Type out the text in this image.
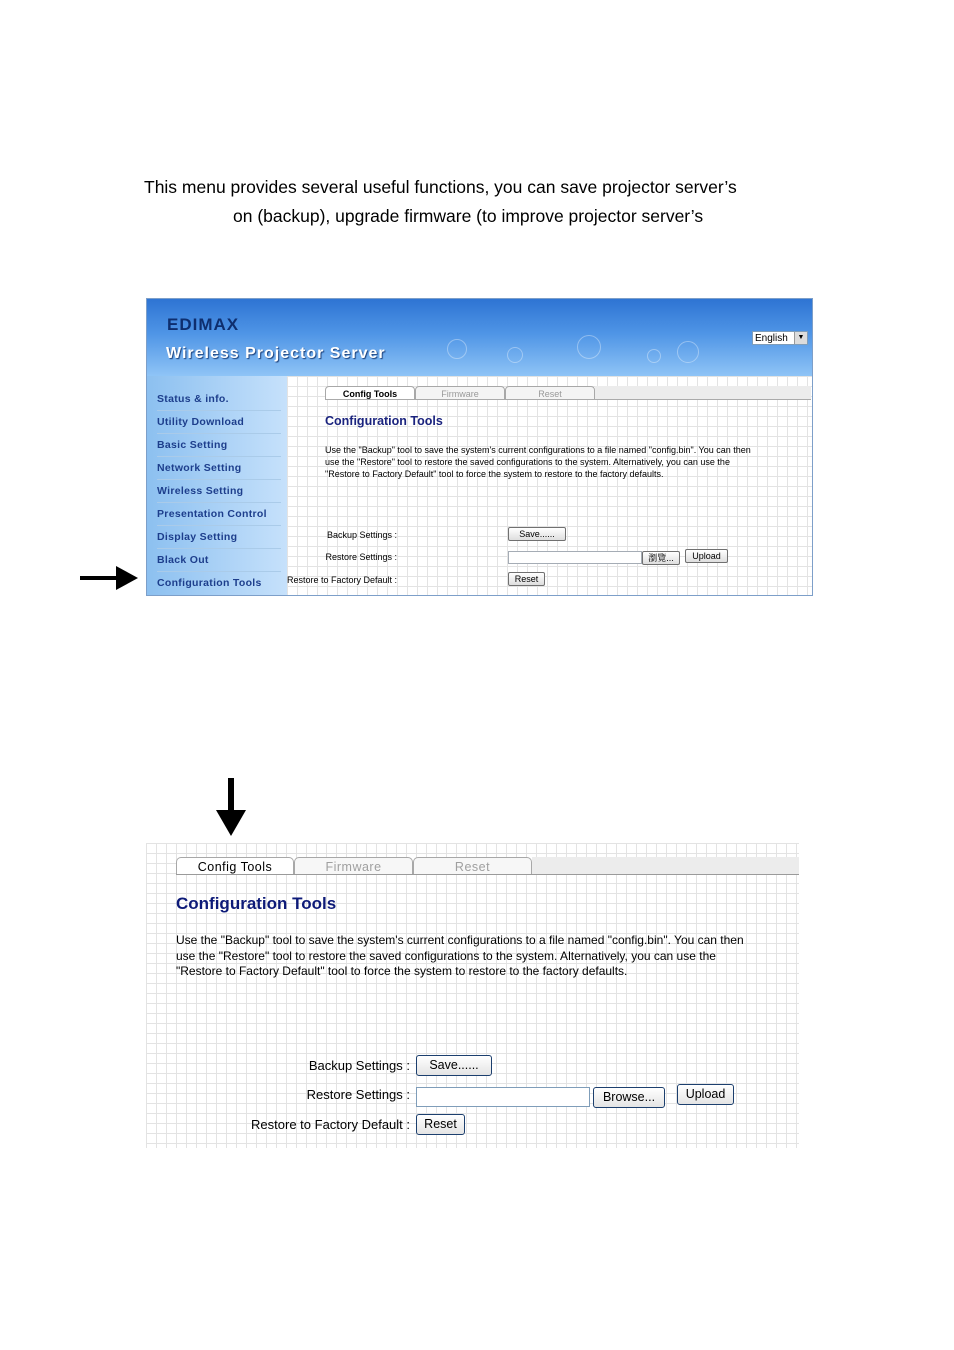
This menu provides several useful functions, you can save projector server’s
on (backup), upgrade firmware (to improve projector server’s
EDIMAX
Wireless Projector Server
English	▼
Status & info.
Utility Download
Basic Setting
Network Setting
Wireless Setting
Presentation Control
Display Setting
Black Out
Configuration Tools
Config Tools	Firmware	Reset
Configuration Tools
Use the "Backup" tool to save the system's current configurations to a file named "config.bin". You can then use the "Restore" tool to restore the saved configurations to the system. Alternatively, you can use the "Restore to Factory Default" tool to force the system to restore to the factory defaults.
Backup Settings :	Save......
Restore Settings :	瀏覽...	Upload
Restore to Factory Default :	Reset
Config Tools	Firmware	Reset
Configuration Tools
Use the "Backup" tool to save the system's current configurations to a file named "config.bin". You can then use the "Restore" tool to restore the saved configurations to the system. Alternatively, you can use the "Restore to Factory Default" tool to force the system to restore to the factory defaults.
Backup Settings :	Save......
Restore Settings :	Browse...	Upload
Restore to Factory Default :	Reset
